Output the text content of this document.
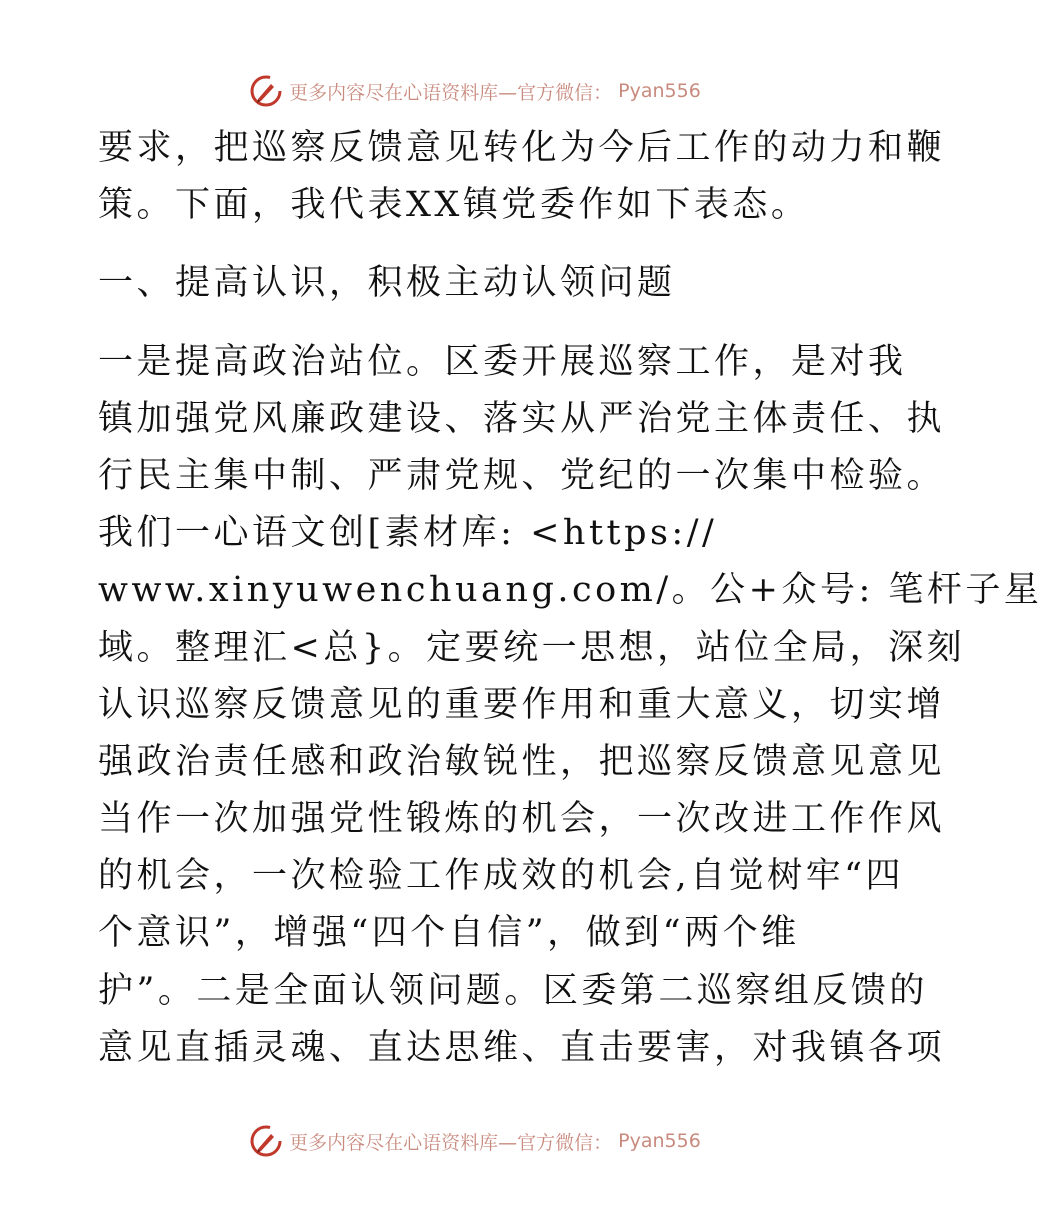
更多内容尽在心语资料库—官方微信： Pyan556
要求，把巡察反馈意见转化为今后工作的动力和鞭
策。下面，我代表XX镇党委作如下表态。
一、提高认识，积极主动认领问题
一是提高政治站位。区委开展巡察工作，是对我
镇加强党风廉政建设、落实从严治党主体责任、执
行民主集中制、严肃党规、党纪的一次集中检验。
我们一心语文创[素材库: <https://
www.xinyuwenchuang.com/。公+众号: 笔杆子星
域。整理汇<总}。定要统一思想，站位全局，深刻
认识巡察反馈意见的重要作用和重大意义，切实增
强政治责任感和政治敏锐性，把巡察反馈意见意见
当作一次加强党性锻炼的机会，一次改进工作作风
的机会，一次检验工作成效的机会,自觉树牢“四
个意识”，增强“四个自信”，做到“两个维
护”。二是全面认领问题。区委第二巡察组反馈的
意见直插灵魂、直达思维、直击要害，对我镇各项
更多内容尽在心语资料库—官方微信： Pyan556
